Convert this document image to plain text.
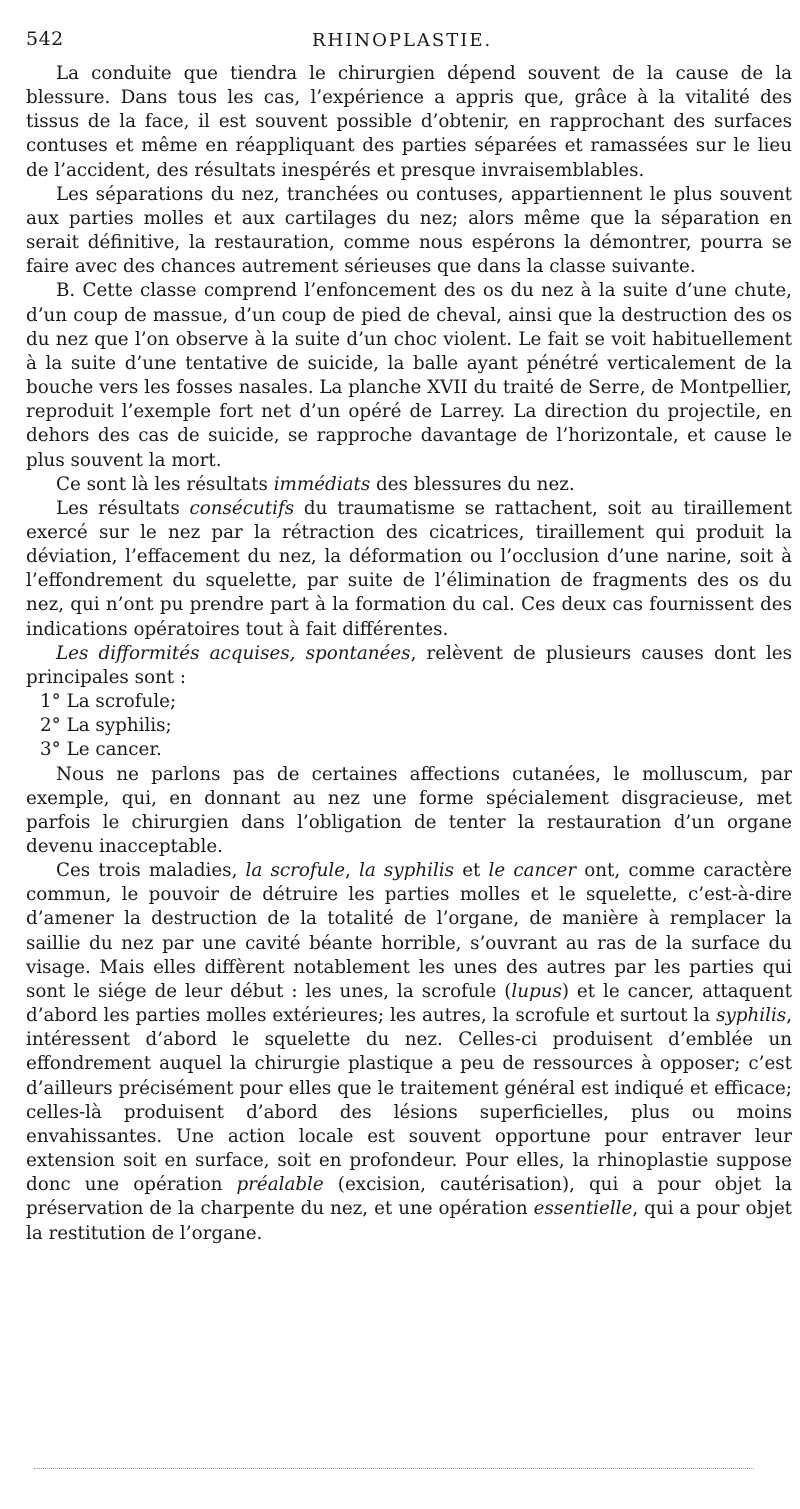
542	RHINOPLASTIE.

La conduite que tiendra le chirurgien dépend souvent de la cause de la blessure. Dans tous les cas, l’expérience a appris que, grâce à la vitalité des tissus de la face, il est souvent possible d’obtenir, en rapprochant des surfaces contuses et même en réappliquant des parties séparées et ramassées sur le lieu de l’accident, des résultats inespérés et presque invraisemblables.

Les séparations du nez, tranchées ou contuses, appartiennent le plus souvent aux parties molles et aux cartilages du nez; alors même que la séparation en serait définitive, la restauration, comme nous espérons la démontrer, pourra se faire avec des chances autrement sérieuses que dans la classe suivante.

B. Cette classe comprend l’enfoncement des os du nez à la suite d’une chute, d’un coup de massue, d’un coup de pied de cheval, ainsi que la destruction des os du nez que l’on observe à la suite d’un choc violent. Le fait se voit habituellement à la suite d’une tentative de suicide, la balle ayant pénétré verticalement de la bouche vers les fosses nasales. La planche XVII du traité de Serre, de Montpellier, reproduit l’exemple fort net d’un opéré de Larrey. La direction du projectile, en dehors des cas de suicide, se rapproche davantage de l’horizontale, et cause le plus souvent la mort.

Ce sont là les résultats immédiats des blessures du nez.

Les résultats consécutifs du traumatisme se rattachent, soit au tiraillement exercé sur le nez par la rétraction des cicatrices, tiraillement qui produit la déviation, l’effacement du nez, la déformation ou l’occlusion d’une narine, soit à l’effondrement du squelette, par suite de l’élimination de fragments des os du nez, qui n’ont pu prendre part à la formation du cal. Ces deux cas fournissent des indications opératoires tout à fait différentes.

Les difformités acquises, spontanées, relèvent de plusieurs causes dont les principales sont :

1° La scrofule;

2° La syphilis;

3° Le cancer.

Nous ne parlons pas de certaines affections cutanées, le molluscum, par exemple, qui, en donnant au nez une forme spécialement disgracieuse, met parfois le chirurgien dans l’obligation de tenter la restauration d’un organe devenu inacceptable.

Ces trois maladies, la scrofule, la syphilis et le cancer ont, comme caractère commun, le pouvoir de détruire les parties molles et le squelette, c’est-à-dire d’amener la destruction de la totalité de l’organe, de manière à remplacer la saillie du nez par une cavité béante horrible, s’ouvrant au ras de la surface du visage. Mais elles diffèrent notablement les unes des autres par les parties qui sont le siége de leur début : les unes, la scrofule (lupus) et le cancer, attaquent d’abord les parties molles extérieures; les autres, la scrofule et surtout la syphilis, intéressent d’abord le squelette du nez. Celles-ci produisent d’emblée un effondrement auquel la chirurgie plastique a peu de ressources à opposer; c’est d’ailleurs précisément pour elles que le traitement général est indiqué et efficace; celles-là produisent d’abord des lésions superficielles, plus ou moins envahissantes. Une action locale est souvent opportune pour entraver leur extension soit en surface, soit en profondeur. Pour elles, la rhinoplastie suppose donc une opération préalable (excision, cautérisation), qui a pour objet la préservation de la charpente du nez, et une opération essentielle, qui a pour objet la restitution de l’organe.
